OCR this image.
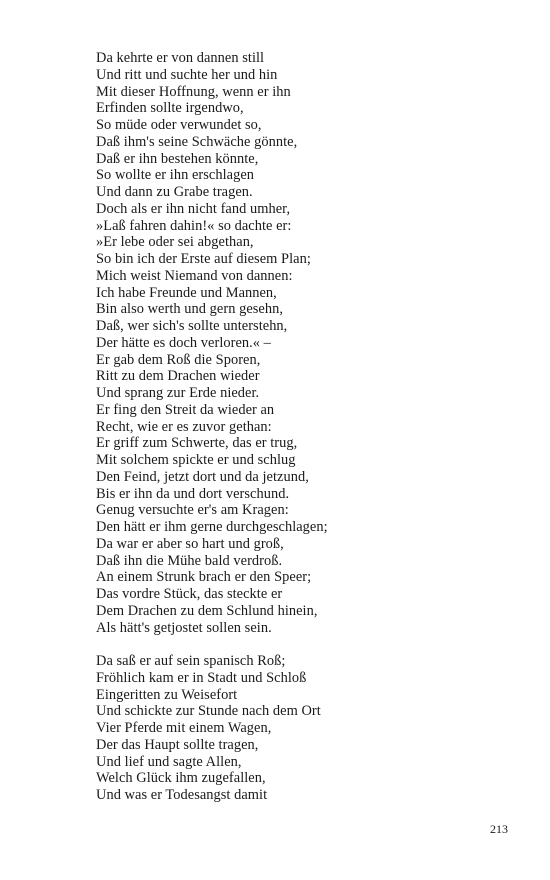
Da kehrte er von dannen still
Und ritt und suchte her und hin
Mit dieser Hoffnung, wenn er ihn
Erfinden sollte irgendwo,
So müde oder verwundet so,
Daß ihm's seine Schwäche gönnte,
Daß er ihn bestehen könnte,
So wollte er ihn erschlagen
Und dann zu Grabe tragen.
Doch als er ihn nicht fand umher,
»Laß fahren dahin!« so dachte er:
»Er lebe oder sei abgethan,
So bin ich der Erste auf diesem Plan;
Mich weist Niemand von dannen:
Ich habe Freunde und Mannen,
Bin also werth und gern gesehn,
Daß, wer sich's sollte unterstehn,
Der hätte es doch verloren.« –
Er gab dem Roß die Sporen,
Ritt zu dem Drachen wieder
Und sprang zur Erde nieder.
Er fing den Streit da wieder an
Recht, wie er es zuvor gethan:
Er griff zum Schwerte, das er trug,
Mit solchem spickte er und schlug
Den Feind, jetzt dort und da jetzund,
Bis er ihn da und dort verschund.
Genug versuchte er's am Kragen:
Den hätt er ihm gerne durchgeschlagen;
Da war er aber so hart und groß,
Daß ihn die Mühe bald verdroß.
An einem Strunk brach er den Speer;
Das vordre Stück, das steckte er
Dem Drachen zu dem Schlund hinein,
Als hätt's getjostet sollen sein.
Da saß er auf sein spanisch Roß;
Fröhlich kam er in Stadt und Schloß
Eingeritten zu Weisefort
Und schickte zur Stunde nach dem Ort
Vier Pferde mit einem Wagen,
Der das Haupt sollte tragen,
Und lief und sagte Allen,
Welch Glück ihm zugefallen,
Und was er Todesangst damit
213
